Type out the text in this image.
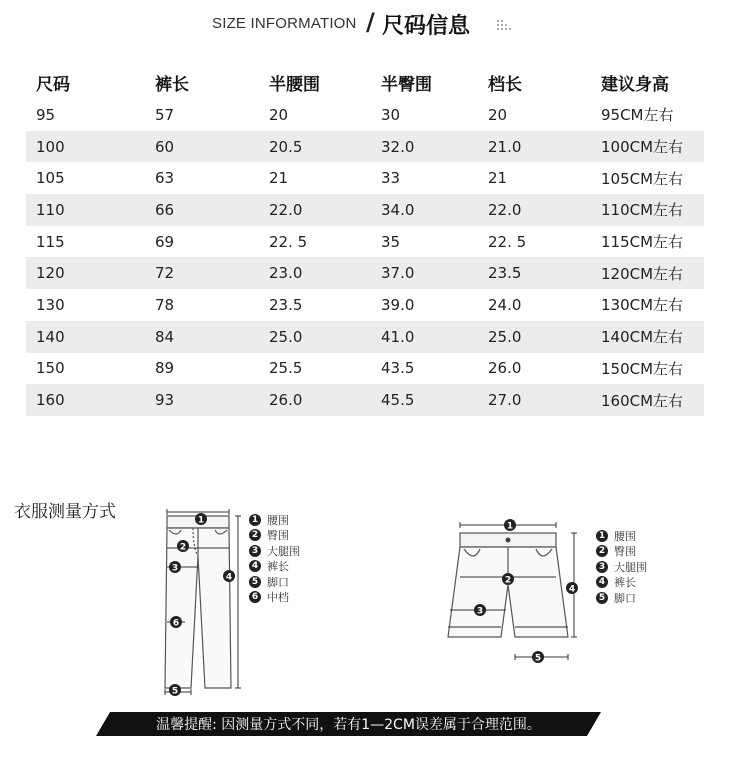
SIZE INFORMATION / 尺码信息
尺码	裤长	半腰围	半臀围	档长	建议身高
95	57	20	30	20	95CM左右
100	60	20.5	32.0	21.0	100CM左右
105	63	21	33	21	105CM左右
110	66	22.0	34.0	22.0	110CM左右
115	69	22. 5	35	22. 5	115CM左右
120	72	23.0	37.0	23.5	120CM左右
130	78	23.5	39.0	24.0	130CM左右
140	84	25.0	41.0	25.0	140CM左右
150	89	25.5	43.5	26.0	150CM左右
160	93	26.0	45.5	27.0	160CM左右
衣服测量方式	1
2
3
4
5
6
1 腰围
2 臀围
3 大腿围
4 裤长
5 脚口
6 中档
1
2
3
4
5
1 腰围
2 臀围
3 大腿围
4 裤长
5 脚口
温馨提醒: 因测量方式不同，若有1—2CM误差属于合理范围。
